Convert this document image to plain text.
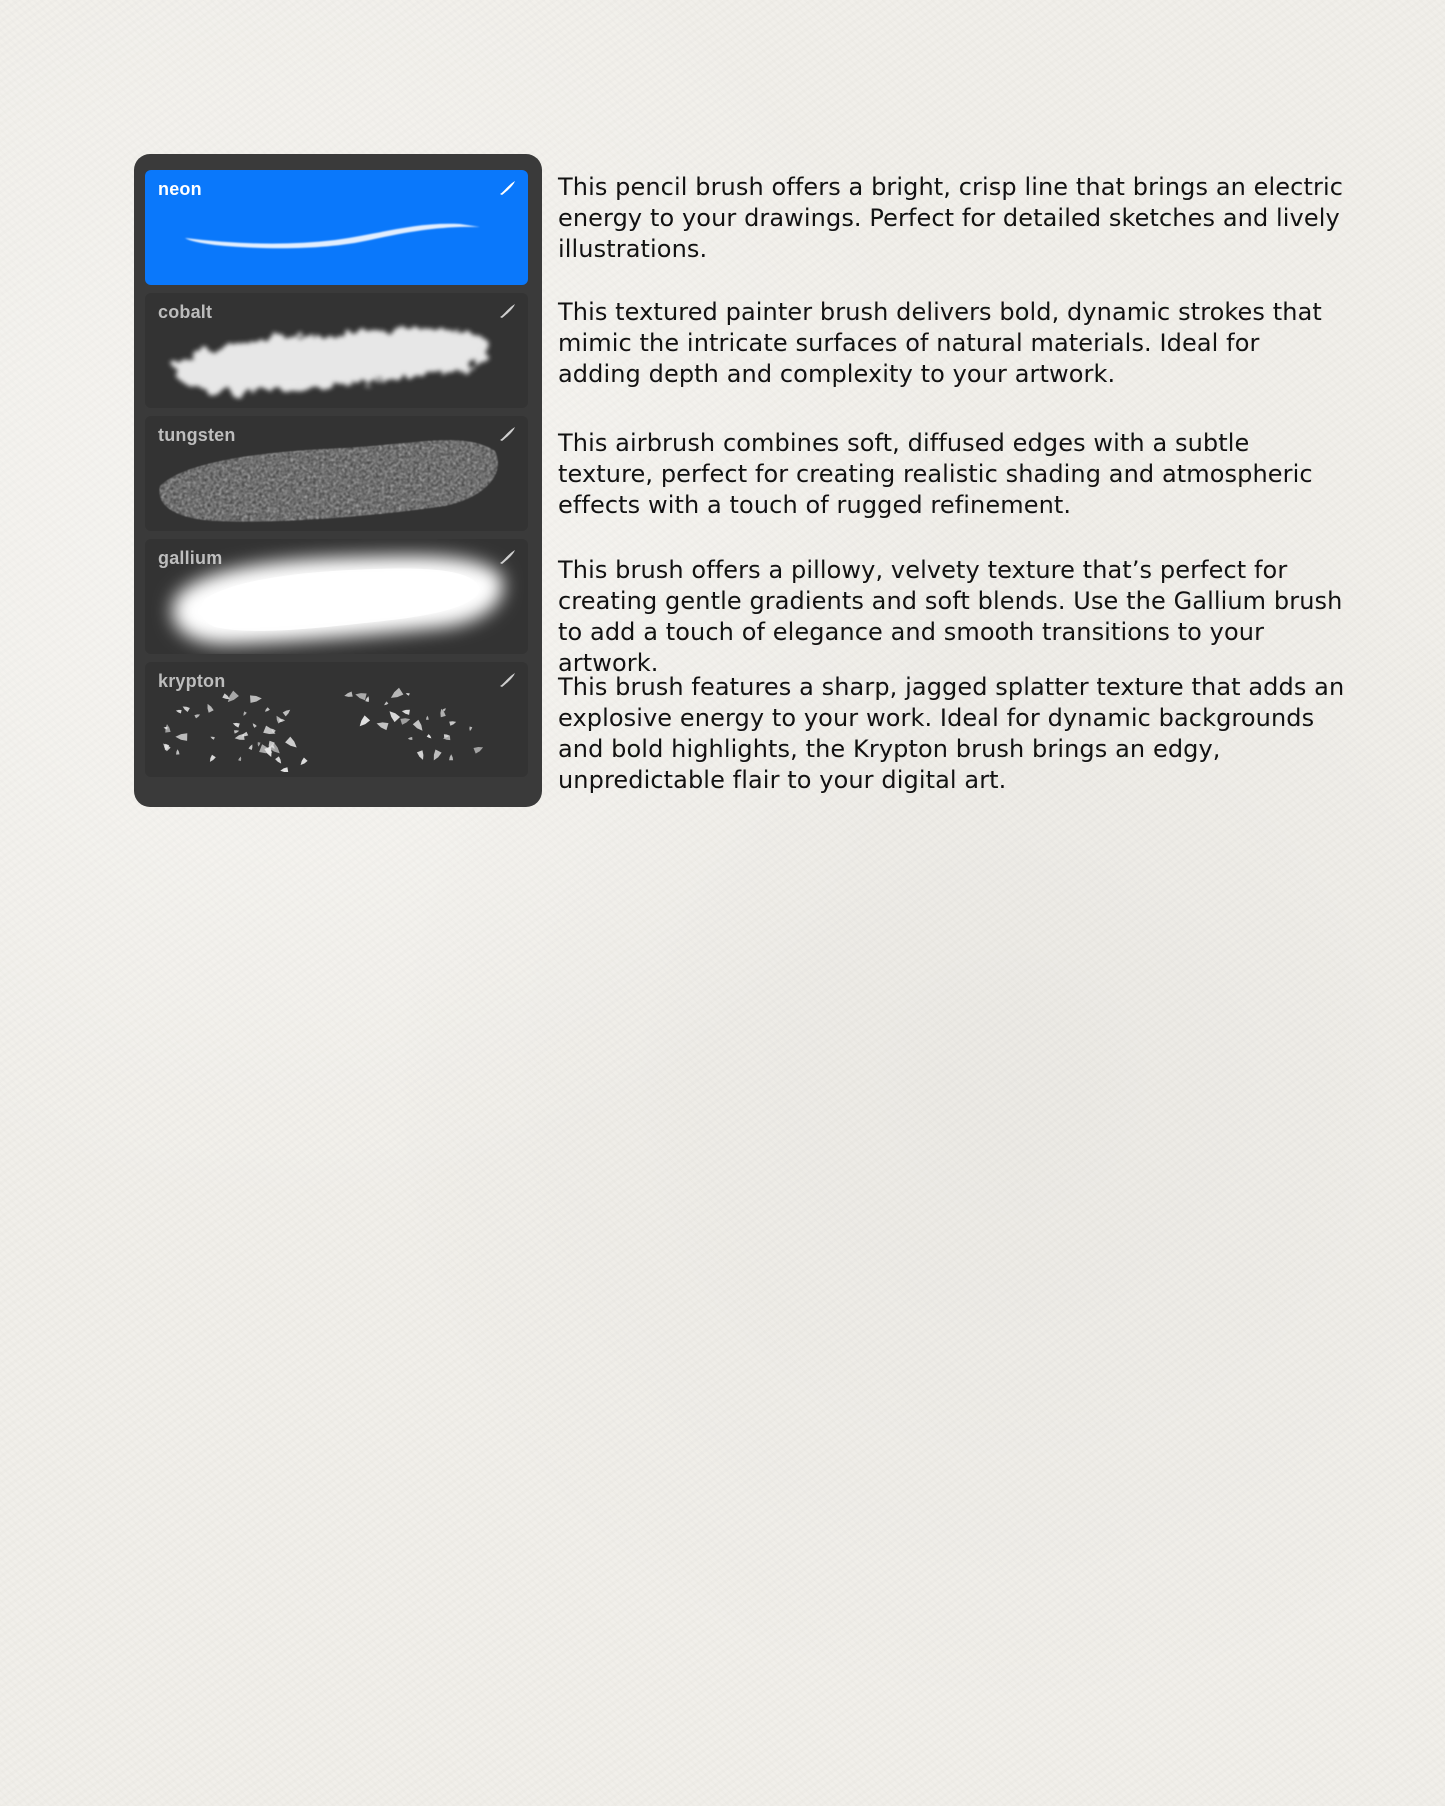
neon
cobalt
tungsten
gallium
krypton

This pencil brush offers a bright, crisp line that brings an electric energy to your drawings. Perfect for detailed sketches and lively illustrations.

This textured painter brush delivers bold, dynamic strokes that mimic the intricate surfaces of natural materials. Ideal for adding depth and complexity to your artwork.

This airbrush combines soft, diffused edges with a subtle texture, perfect for creating realistic shading and atmospheric effects with a touch of rugged refinement.

This brush offers a pillowy, velvety texture that’s perfect for creating gentle gradients and soft blends. Use the Gallium brush to add a touch of elegance and smooth transitions to your artwork.

This brush features a sharp, jagged splatter texture that adds an explosive energy to your work. Ideal for dynamic backgrounds and bold highlights, the Krypton brush brings an edgy, unpredictable flair to your digital art.
